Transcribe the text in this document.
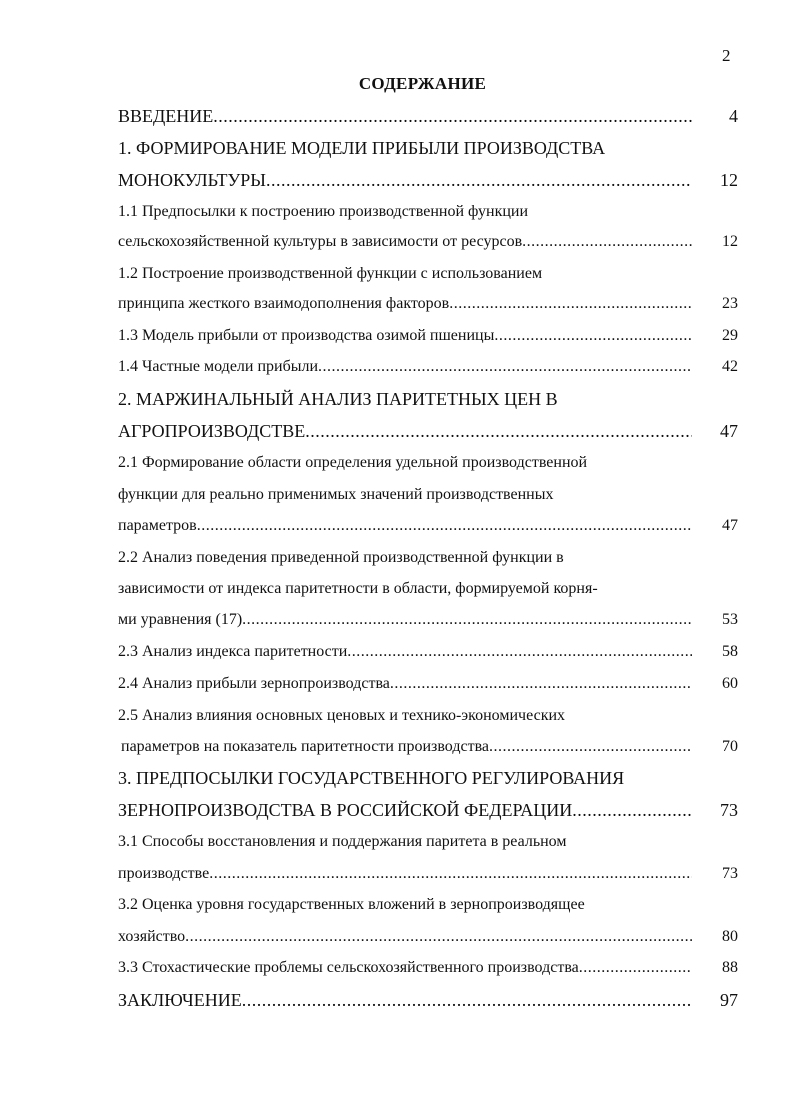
2
СОДЕРЖАНИЕ
ВВЕДЕНИЕ .....	4
1. ФОРМИРОВАНИЕ МОДЕЛИ ПРИБЫЛИ ПРОИЗВОДСТВА
МОНОКУЛЬТУРЫ .....	12
1.1 Предпосылки к построению производственной функции
сельскохозяйственной культуры в зависимости от ресурсов .....	12
1.2 Построение производственной функции с использованием
принципа жесткого взаимодополнения факторов .....	23
1.3 Модель прибыли от производства озимой пшеницы .....	29
1.4 Частные модели прибыли .....	42
2. МАРЖИНАЛЬНЫЙ АНАЛИЗ ПАРИТЕТНЫХ ЦЕН В
АГРОПРОИЗВОДСТВЕ .....	47
2.1 Формирование области определения удельной производственной
функции для реально применимых значений производственных
параметров .....	47
2.2 Анализ поведения приведенной производственной функции в
зависимости от индекса паритетности в области, формируемой корня-
ми уравнения (17) .....	53
2.3 Анализ индекса паритетности .....	58
2.4 Анализ прибыли зернопроизводства .....	60
2.5 Анализ влияния основных ценовых и технико-экономических
параметров на показатель паритетности производства .....	70
3. ПРЕДПОСЫЛКИ ГОСУДАРСТВЕННОГО РЕГУЛИРОВАНИЯ
ЗЕРНОПРОИЗВОДСТВА В РОССИЙСКОЙ ФЕДЕРАЦИИ .....	73
3.1 Способы восстановления и поддержания паритета в реальном
производстве .....	73
3.2 Оценка уровня государственных вложений в зернопроизводящее
хозяйство .....	80
3.3 Стохастические проблемы сельскохозяйственного производства .....	88
ЗАКЛЮЧЕНИЕ .....	97
